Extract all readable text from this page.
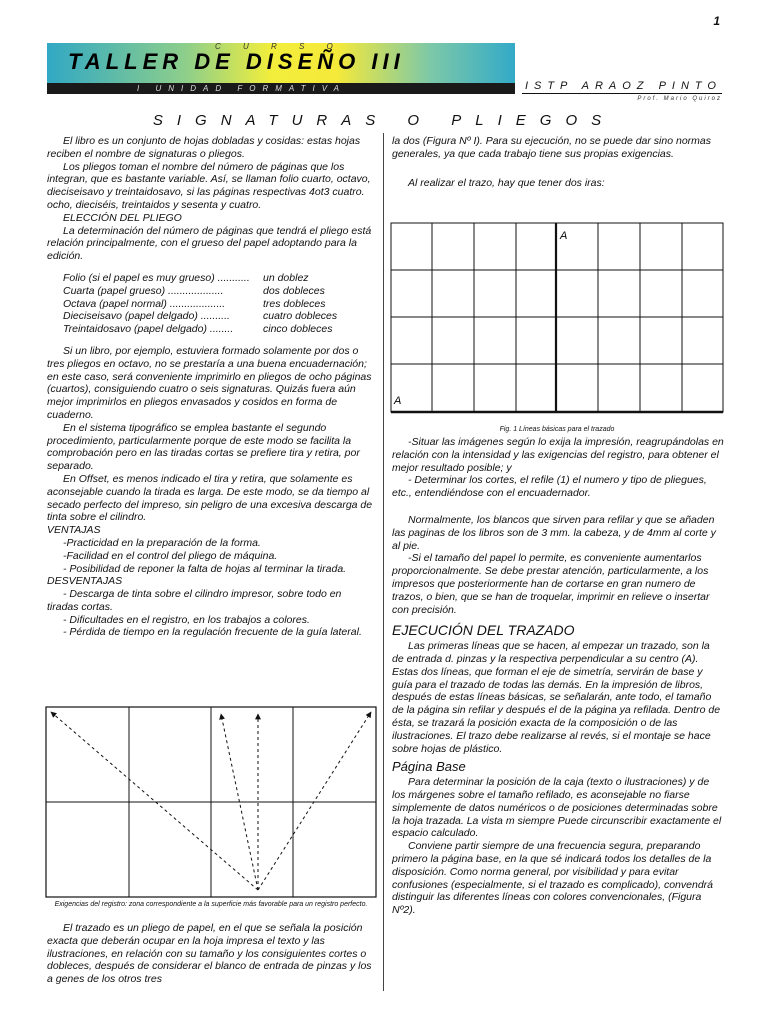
1
C U R S O
TALLER DE DISEÑO III
I UNIDAD FORMATIVA	ISTP ARAOZ PINTO
Prof. Mario Quiroz
SIGNATURAS O PLIEGOS

El libro es un conjunto de hojas dobladas y cosidas: estas hojas reciben el nombre de signaturas o pliegos.

Los pliegos toman el nombre del número de páginas que los integran, que es bastante variable. Así, se llaman folio cuarto, octavo, dieciseisavo y treintaidosavo, si las páginas respectivas 4ot3 cuatro. ocho, dieciséis, treintaidos y sesenta y cuatro.

ELECCIÓN DEL PLIEGO

La determinación del número de páginas que tendrá el pliego está relación principalmente, con el grueso del papel adoptando para la edición.

Folio (si el papel es muy grueso) ...........	un doblez
Cuarta (papel grueso) ...................	dos dobleces
Octava (papel normal) ...................	tres dobleces
Dieciseisavo (papel delgado) ..........	cuatro dobleces
Treintaidosavo (papel delgado) ........	cinco dobleces

Si un libro, por ejemplo, estuviera formado solamente por dos o tres pliegos en octavo, no se prestaría a una buena encuadernación; en este caso, será conveniente imprimirlo en pliegos de ocho páginas (cuartos), consiguiendo cuatro o seis signaturas. Quizás fuera aún mejor imprimirlos en pliegos envasados y cosidos en forma de cuaderno.

En el sistema tipográfico se emplea bastante el segundo procedimiento, particularmente porque de este modo se facilita la comprobación pero en las tiradas cortas se prefiere tira y retira, por separado.

En Offset, es menos indicado el tira y retira, que solamente es aconsejable cuando la tirada es larga. De este modo, se da tiempo al secado perfecto del impreso, sin peligro de una excesiva descarga de tinta sobre el cilindro.

VENTAJAS

-Practicidad en la preparación de la forma.

-Facilidad en el control del pliego de máquina.

- Posibilidad de reponer la falta de hojas al terminar la tirada.

DESVENTAJAS

- Descarga de tinta sobre el cilindro impresor, sobre todo en tiradas cortas.

- Dificultades en el registro, en los trabajos a colores.

- Pérdida de tiempo en la regulación frecuente de la guía lateral.

Exigencias del registro: zona correspondiente a la superficie más favorable para un registro perfecto.

El trazado es un pliego de papel, en el que se señala la posición exacta que deberán ocupar en la hoja impresa el texto y las ilustraciones, en relación con su tamaño y los consiguientes cortes o dobleces, después de considerar el blanco de entrada de pinzas y los a genes de los otros tres

la dos (Figura Nº I). Para su ejecución, no se puede dar sino normas generales, ya que cada trabajo tiene sus propias exigencias.

Al realizar el trazo, hay que tener dos iras:

A
A
Fig. 1 Líneas básicas para el trazado

-Situar las imágenes según lo exija la impresión, reagrupándolas en relación con la intensidad y las exigencias del registro, para obtener el mejor resultado posible; y

- Determinar los cortes, el refile (1) el numero y tipo de pliegues, etc., entendiéndose con el encuadernador.

Normalmente, los blancos que sirven para refilar y que se añaden las paginas de los libros son de 3 mm. la cabeza, y de 4mm al corte y al pie.

-Si el tamaño del papel lo permite, es conveniente aumentarlos proporcionalmente. Se debe prestar atención, particularmente, a los impresos que posteriormente han de cortarse en gran numero de trazos, o bien, que se han de troquelar, imprimir en relieve o insertar con precisión.

EJECUCIÓN DEL TRAZADO

Las primeras líneas que se hacen, al empezar un trazado, son la de entrada d. pinzas y la respectiva perpendicular a su centro (A). Estas dos líneas, que forman el eje de simetría, servirán de base y guía para el trazado de todas las demás. En la impresión de libros, después de estas líneas básicas, se señalarán, ante todo, el tamaño de la página sin refilar y después el de la página ya refilada. Dentro de ésta, se trazará la posición exacta de la composición o de las ilustraciones. El trazo debe realizarse al revés, si el montaje se hace sobre hojas de plástico.

Página Base

Para determinar la posición de la caja (texto o ilustraciones) y de los márgenes sobre el tamaño refilado, es aconsejable no fiarse simplemente de datos numéricos o de posiciones determinadas sobre la hoja trazada. La vista m siempre Puede circunscribir exactamente el espacio calculado.

Conviene partir siempre de una frecuencia segura, preparando primero la página base, en la que sé indicará todos los detalles de la disposición. Como norma general, por visibilidad y para evitar confusiones (especialmente, si el trazado es complicado), convendrá distinguir las diferentes líneas con colores convencionales, (Figura Nº2).
